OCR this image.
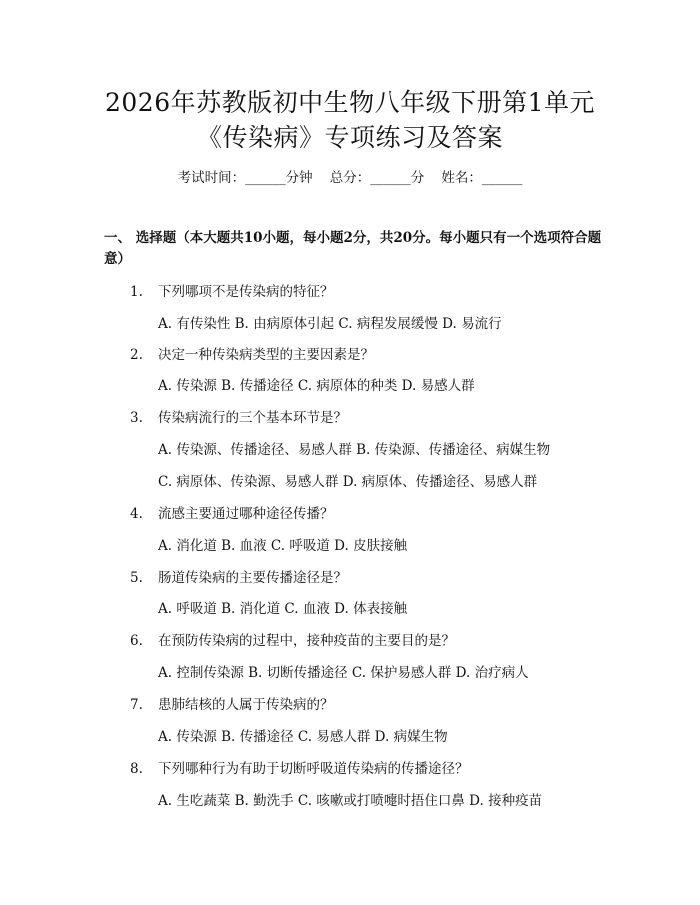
2026年苏教版初中生物八年级下册第1单元
《传染病》专项练习及答案
考试时间：______分钟    总分：______分    姓名：______
一、 选择题（本大题共10小题，每小题2分，共20分。每小题只有一个选项符合题意）
1. 下列哪项不是传染病的特征？
A. 有传染性 B. 由病原体引起 C. 病程发展缓慢 D. 易流行
2. 决定一种传染病类型的主要因素是？
A. 传染源 B. 传播途径 C. 病原体的种类 D. 易感人群
3. 传染病流行的三个基本环节是？
A. 传染源、传播途径、易感人群 B. 传染源、传播途径、病媒生物
C. 病原体、传染源、易感人群 D. 病原体、传播途径、易感人群
4. 流感主要通过哪种途径传播？
A. 消化道 B. 血液 C. 呼吸道 D. 皮肤接触
5. 肠道传染病的主要传播途径是？
A. 呼吸道 B. 消化道 C. 血液 D. 体表接触
6. 在预防传染病的过程中，接种疫苗的主要目的是？
A. 控制传染源 B. 切断传播途径 C. 保护易感人群 D. 治疗病人
7. 患肺结核的人属于传染病的？
A. 传染源 B. 传播途径 C. 易感人群 D. 病媒生物
8. 下列哪种行为有助于切断呼吸道传染病的传播途径？
A. 生吃蔬菜 B. 勤洗手 C. 咳嗽或打喷嚏时捂住口鼻 D. 接种疫苗
